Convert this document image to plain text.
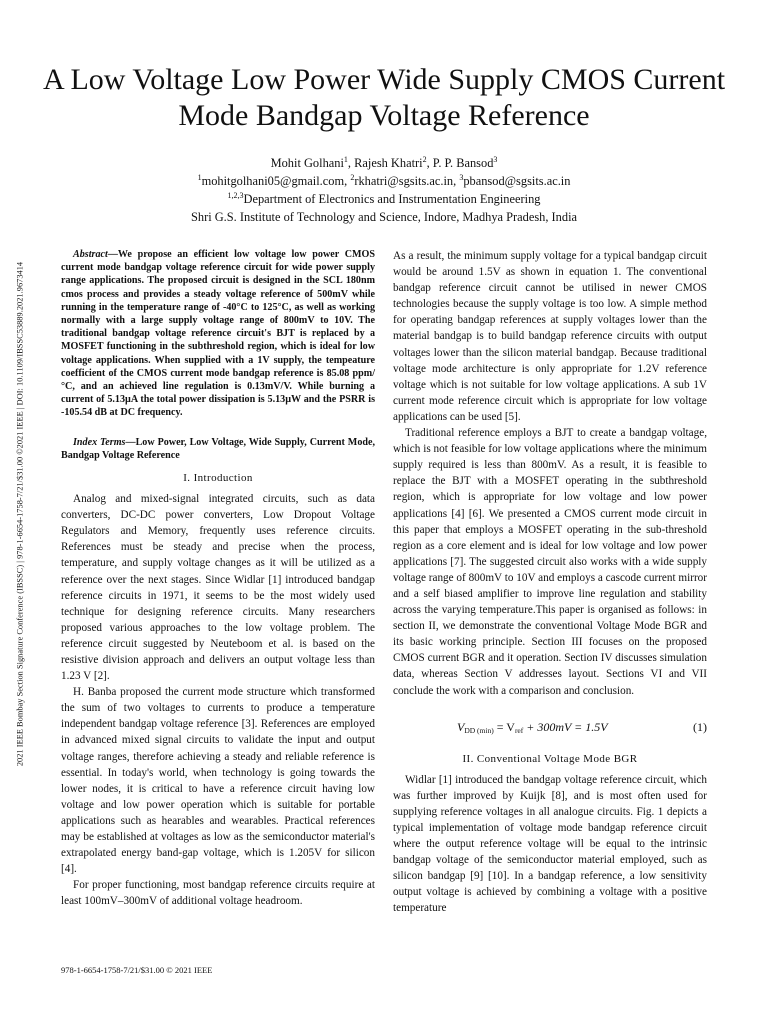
2021 IEEE Bombay Section Signature Conference (IBSSC) | 978-1-6654-1758-7/21/$31.00 ©2021 IEEE | DOI: 10.1109/IBSSC53889.2021.9673414
A Low Voltage Low Power Wide Supply CMOS Current Mode Bandgap Voltage Reference
Mohit Golhani$^1$, Rajesh Khatri$^2$, P. P. Bansod$^3$
$^1$mohitgolhani05@gmail.com, $^2$rkhatri@sgsits.ac.in, $^3$pbansod@sgsits.ac.in
$^{1,2,3}$Department of Electronics and Instrumentation Engineering
Shri G.S. Institute of Technology and Science, Indore, Madhya Pradesh, India

Abstract—We propose an efficient low voltage low power CMOS current mode bandgap voltage reference circuit for wide power supply range applications. The proposed circuit is designed in the SCL 180nm cmos process and provides a steady voltage reference of 500mV while running in the temperature range of -40°C to 125°C, as well as working normally with a large supply voltage range of 800mV to 10V. The traditional bandgap voltage reference circuit's BJT is replaced by a MOSFET functioning in the subthreshold region, which is ideal for low voltage applications. When supplied with a 1V supply, the tempeature coefficient of the CMOS current mode bandgap reference is 85.08 ppm/°C, and an achieved line regulation is 0.13mV/V. While burning a current of 5.13µA the total power dissipation is 5.13µW and the PSRR is -105.54 dB at DC frequency.

Index Terms—Low Power, Low Voltage, Wide Supply, Current Mode, Bandgap Voltage Reference

I. Introduction

Analog and mixed-signal integrated circuits, such as data converters, DC-DC power converters, Low Dropout Voltage Regulators and Memory, frequently uses reference circuits. References must be steady and precise when the process, temperature, and supply voltage changes as it will be utilized as a reference over the next stages. Since Widlar [1] introduced bandgap reference circuits in 1971, it seems to be the most widely used technique for designing reference circuits. Many researchers proposed various approaches to the low voltage problem. The reference circuit suggested by Neuteboom et al. is based on the resistive division approach and delivers an output voltage less than 1.23 V [2].

H. Banba proposed the current mode structure which transformed the sum of two voltages to currents to produce a temperature independent bandgap voltage reference [3]. References are employed in advanced mixed signal circuits to validate the input and output voltage ranges, therefore achieving a steady and reliable reference is essential. In today's world, when technology is going towards the lower nodes, it is critical to have a reference circuit having low voltage and low power operation which is suitable for portable applications such as hearables and wearables. Practical references may be established at voltages as low as the semiconductor material's extrapolated energy band-gap voltage, which is 1.205V for silicon [4].

For proper functioning, most bandgap reference circuits require at least 100mV–300mV of additional voltage headroom.

As a result, the minimum supply voltage for a typical bandgap circuit would be around 1.5V as shown in equation 1. The conventional bandgap reference circuit cannot be utilised in newer CMOS technologies because the supply voltage is too low. A simple method for operating bandgap references at supply voltages lower than the material bandgap is to build bandgap reference circuits with output voltages lower than the silicon material bandgap. Because traditional voltage mode architecture is only appropriate for 1.2V reference voltage which is not suitable for low voltage applications. A sub 1V current mode reference circuit which is appropriate for low voltage applications can be used [5].

Traditional reference employs a BJT to create a bandgap voltage, which is not feasible for low voltage applications where the minimum supply required is less than 800mV. As a result, it is feasible to replace the BJT with a MOSFET operating in the subthreshold region, which is appropriate for low voltage and low power applications [4] [6]. We presented a CMOS current mode circuit in this paper that employs a MOSFET operating in the sub-threshold region as a core element and is ideal for low voltage and low power applications [7]. The suggested circuit also works with a wide supply voltage range of 800mV to 10V and employs a cascode current mirror and a self biased amplifier to improve line regulation and stability across the varying temperature.This paper is organised as follows: in section II, we demonstrate the conventional Voltage Mode BGR and its basic working principle. Section III focuses on the proposed CMOS current BGR and it operation. Section IV discusses simulation data, whereas Section V addresses layout. Sections VI and VII conclude the work with a comparison and conclusion.

$V_{DD (min)} = V_{ref} + 300mV = 1.5V$	(1)
II. Conventional Voltage Mode BGR

Widlar [1] introduced the bandgap voltage reference circuit, which was further improved by Kuijk [8], and is most often used for supplying reference voltages in all analogue circuits. Fig. 1 depicts a typical implementation of voltage mode bandgap reference circuit where the output reference voltage will be equal to the intrinsic bandgap voltage of the semiconductor material employed, such as silicon bandgap [9] [10]. In a bandgap reference, a low sensitivity output voltage is achieved by combining a voltage with a positive temperature

978-1-6654-1758-7/21/$31.00 © 2021 IEEE
